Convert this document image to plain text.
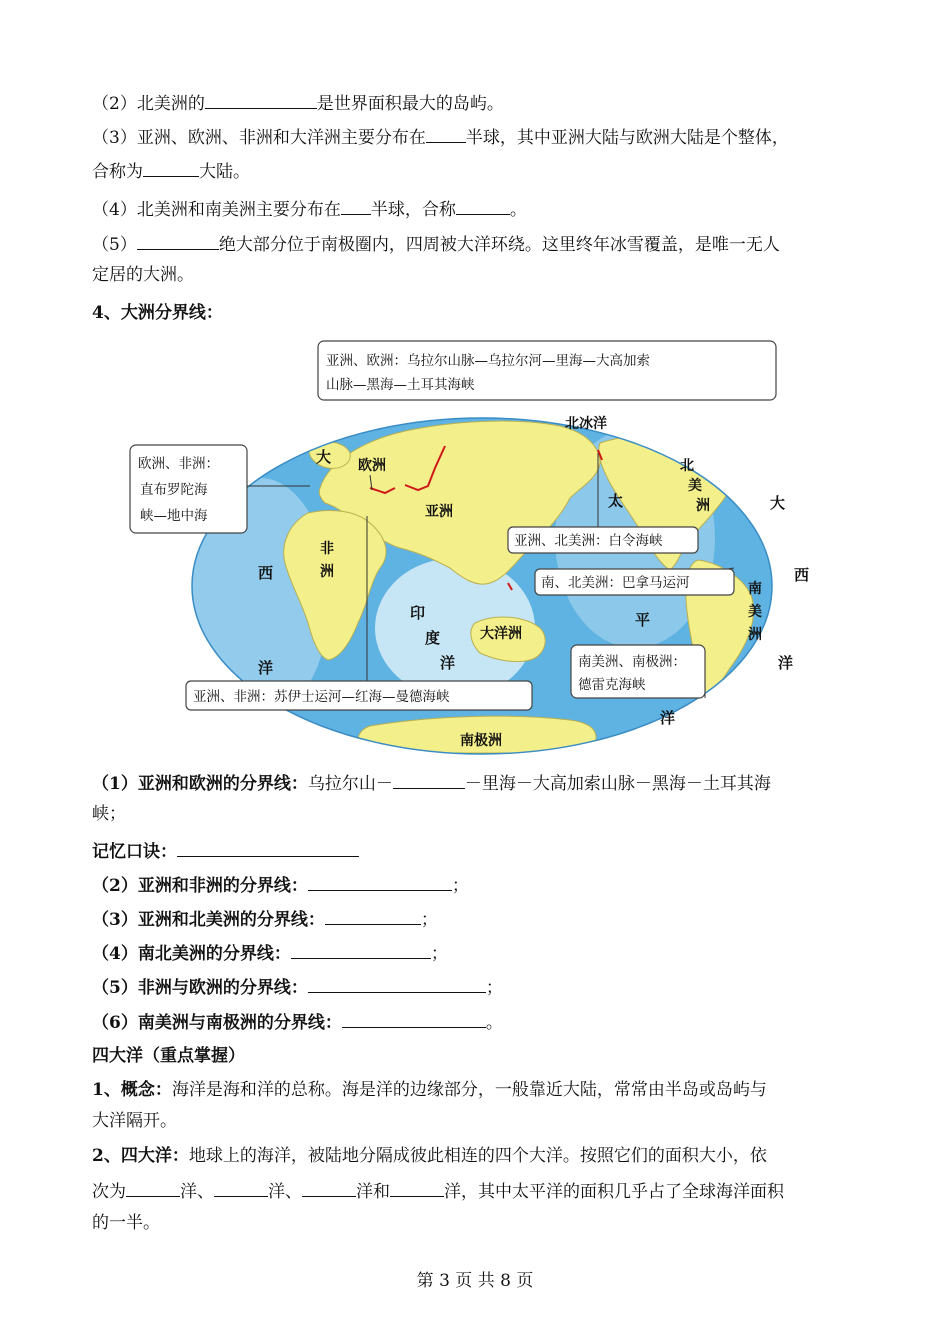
（2）北美洲的	是世界面积最大的岛屿。
（3）亚洲、欧洲、非洲和大洋洲主要分布在 半球，其中亚洲大陆与欧洲大陆是个整体，
合称为	大陆。
（4）北美洲和南美洲主要分布在 半球，合称	。
（5）	绝大部分位于南极圈内，四周被大洋环绕。这里终年冰雪覆盖，是唯一无人
定居的大洲。
4、大洲分界线：
欧洲
亚洲
非
洲
大洋洲
南极洲
北
美
洲
南
美
洲
北冰洋
印
度
洋
大
西
洋
大
西
洋
太
平
洋
亚洲、欧洲：乌拉尔山脉—乌拉尔河—里海—大高加索
山脉—黑海—土耳其海峡
欧洲、非洲：
直布罗陀海
峡—地中海
亚洲、北美洲：白令海峡
南、北美洲：巴拿马运河
南美洲、南极洲：
德雷克海峡
亚洲、非洲：苏伊士运河—红海—曼德海峡
（1）亚洲和欧洲的分界线：乌拉尔山－	－里海－大高加索山脉－黑海－土耳其海
峡；
记忆口诀：
（2）亚洲和非洲的分界线：	；
（3）亚洲和北美洲的分界线：	；
（4）南北美洲的分界线：	；
（5）非洲与欧洲的分界线：	；
（6）南美洲与南极洲的分界线：	。
四大洋（重点掌握）
1、概念：海洋是海和洋的总称。海是洋的边缘部分，一般靠近大陆，常常由半岛或岛屿与
大洋隔开。
2、四大洋：地球上的海洋，被陆地分隔成彼此相连的四个大洋。按照它们的面积大小，依
次为	洋、	洋、	洋和	洋，其中太平洋的面积几乎占了全球海洋面积
的一半。
第 3 页 共 8 页
